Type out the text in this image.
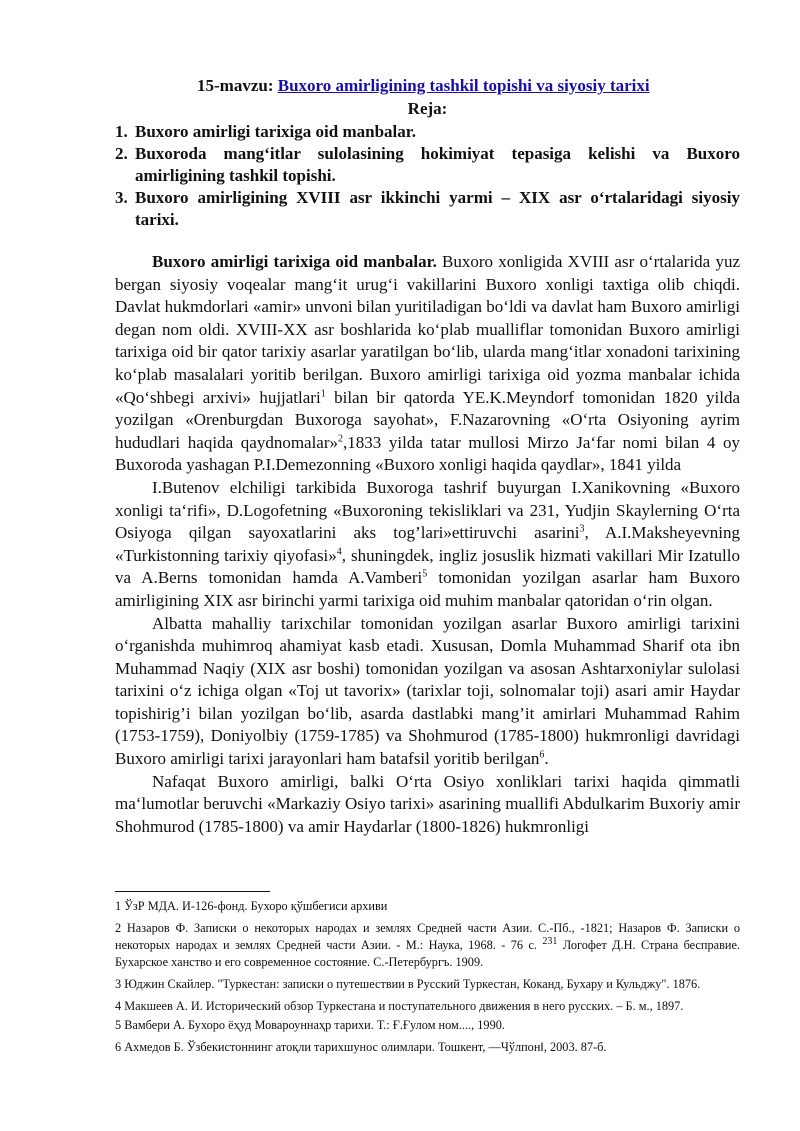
15-mavzu: Buxoro amirligining tashkil topishi va siyosiy tarixi
Reja:
1. Buxoro amirligi tarixiga oid manbalar.
2. Buxoroda mang‘itlar sulolasining hokimiyat tepasiga kelishi va Buxoro amirligining tashkil topishi.
3. Buxoro amirligining XVIII asr ikkinchi yarmi – XIX asr o‘rtalaridagi siyosiy tarixi.

Buxoro amirligi tarixiga oid manbalar. Buxoro xonligida XVIII asr o‘rtalarida yuz bergan siyosiy voqealar mang‘it urug‘i vakillarini Buxoro xonligi taxtiga olib chiqdi. Davlat hukmdorlari «amir» unvoni bilan yuritiladigan bo‘ldi va davlat ham Buxoro amirligi degan nom oldi. XVIII-XX asr boshlarida ko‘plab mualliflar tomonidan Buxoro amirligi tarixiga oid bir qator tarixiy asarlar yaratilgan bo‘lib, ularda mang‘itlar xonadoni tarixining ko‘plab masalalari yoritib berilgan. Buxoro amirligi tarixiga oid yozma manbalar ichida «Qo‘shbegi arxivi» hujjatlari$^1$ bilan bir qatorda YE.K.Meyndorf tomonidan 1820 yilda yozilgan «Orenburgdan Buxoroga sayohat», F.Nazarovning «O‘rta Osiyoning ayrim hududlari haqida qaydnomalar»$^2$,1833 yilda tatar mullosi Mirzo Ja‘far nomi bilan 4 oy Buxoroda yashagan P.I.Demezonning «Buxoro xonligi haqida qaydlar», 1841 yilda

I.Butenov elchiligi tarkibida Buxoroga tashrif buyurgan I.Xanikovning «Buxoro xonligi ta‘rifi», D.Logofetning «Buxoroning tekisliklari va 231, Yudjin Skaylerning O‘rta Osiyoga qilgan sayoxatlarini aks tog’lari»ettiruvchi asarini$^3$, A.I.Maksheyevning «Turkistonning tarixiy qiyofasi»$^4$, shuningdek, ingliz josuslik hizmati vakillari Mir Izatullo va A.Berns tomonidan hamda A.Vamberi$^5$ tomonidan yozilgan asarlar ham Buxoro amirligining XIX asr birinchi yarmi tarixiga oid muhim manbalar qatoridan o‘rin olgan.

Albatta mahalliy tarixchilar tomonidan yozilgan asarlar Buxoro amirligi tarixini o‘rganishda muhimroq ahamiyat kasb etadi. Xususan, Domla Muhammad Sharif ota ibn Muhammad Naqiy (XIX asr boshi) tomonidan yozilgan va asosan Ashtarxoniylar sulolasi tarixini o‘z ichiga olgan «Toj ut tavorix» (tarixlar toji, solnomalar toji) asari amir Haydar topishirig’i bilan yozilgan bo‘lib, asarda dastlabki mang’it amirlari Muhammad Rahim (1753-1759), Doniyolbiy (1759-1785) va Shohmurod (1785-1800) hukmronligi davridagi Buxoro amirligi tarixi jarayonlari ham batafsil yoritib berilgan$^6$.

Nafaqat Buxoro amirligi, balki O‘rta Osiyo xonliklari tarixi haqida qimmatli ma‘lumotlar beruvchi «Markaziy Osiyo tarixi» asarining muallifi Abdulkarim Buxoriy amir Shohmurod (1785-1800) va amir Haydarlar (1800-1826) hukmronligi

1 ЎзР МДА. И-126-фонд. Бухоро қўшбегиси архиви

2 Назаров Ф. Записки о некоторых народах и землях Средней части Азии. С.-Пб., -1821; Назаров Ф. Записки о некоторых народах и землях Средней части Азии. - М.: Наука, 1968. - 76 с. $^{231}$ Логофет Д.Н. Страна бесправие. Бухарское ханство и его современное состояние. С.-Петербургъ. 1909.

3 Юджин Скайлер. "Туркестан: записки о путешествии в Русский Туркестан, Коканд, Бухару и Кульджу". 1876.

4 Макшеев А. И. Исторический обзор Туркестана и поступательного движения в него русских. – Б. м., 1897.

5 Вамбери А. Бухоро ёҳуд Мовароуннаҳр тарихи. Т.: Ғ.Ғулом ном...., 1990.

6 Ахмедов Б. Ўзбекистоннинг атоқли тарихшунос олимлари. Тошкент, ―Чўлпонǁ, 2003. 87-б.
